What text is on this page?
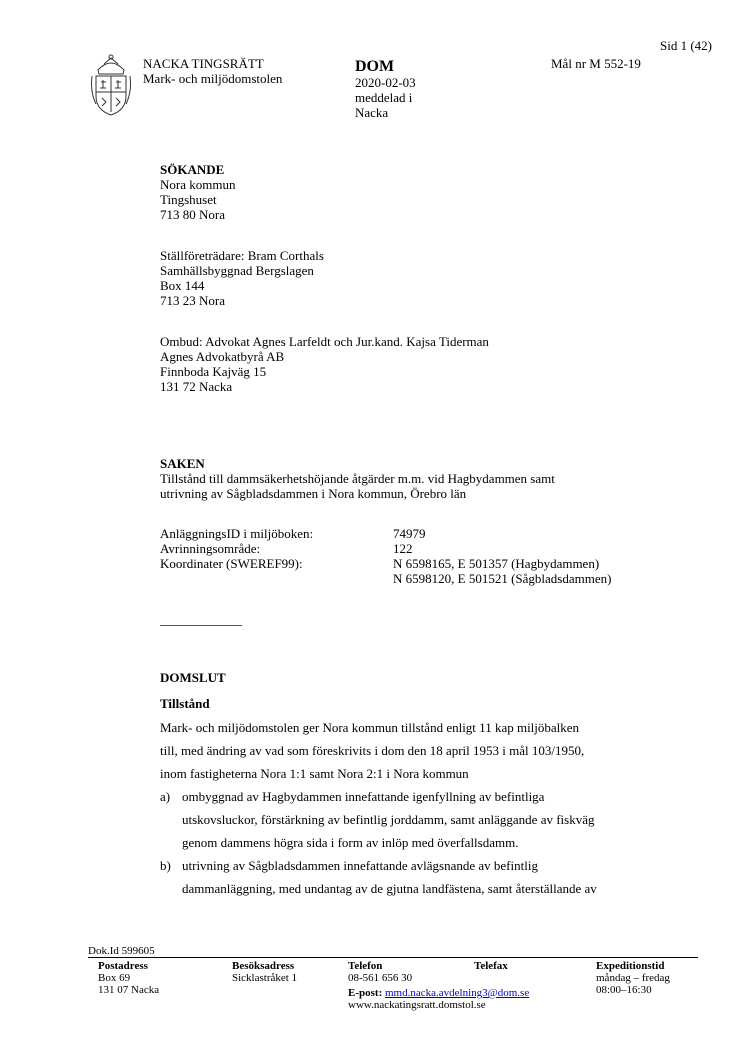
Sid 1 (42)
NACKA TINGSRÄTT
Mark- och miljödomstolen
DOM
2020-02-03
meddelad i
Nacka
Mål nr M 552-19
SÖKANDE
Nora kommun
Tingshuset
713 80 Nora
Ställföreträdare: Bram Corthals
Samhällsbyggnad Bergslagen
Box 144
713 23 Nora
Ombud: Advokat Agnes Larfeldt och Jur.kand. Kajsa Tiderman
Agnes Advokatbyrå AB
Finnboda Kajväg 15
131 72 Nacka
SAKEN
Tillstånd till dammsäkerhetshöjande åtgärder m.m. vid Hagbydammen samt
utrivning av Sågbladsdammen i Nora kommun, Örebro län
AnläggningsID i miljöboken:	74979
Avrinningsområde:	122
Koordinater (SWEREF99):	N 6598165, E 501357 (Hagbydammen)
N 6598120, E 501521 (Sågbladsdammen)
DOMSLUT
Tillstånd
Mark- och miljödomstolen ger Nora kommun tillstånd enligt 11 kap miljöbalken
till, med ändring av vad som föreskrivits i dom den 18 april 1953 i mål 103/1950,
inom fastigheterna Nora 1:1 samt Nora 2:1 i Nora kommun
a) ombyggnad av Hagbydammen innefattande igenfyllning av befintliga
utskovsluckor, förstärkning av befintlig jorddamm, samt anläggande av fiskväg
genom dammens högra sida i form av inlöp med överfallsdamm.
b) utrivning av Sågbladsdammen innefattande avlägsnande av befintlig
dammanläggning, med undantag av de gjutna landfästena, samt återställande av
Dok.Id 599605
Postadress
Box 69
131 07 Nacka
Besöksadress
Sicklastråket 1
Telefon
08-561 656 30
E-post: mmd.nacka.avdelning3@dom.se
www.nackatingsratt.domstol.se
Telefax	Expeditionstid
måndag – fredag
08:00–16:30
